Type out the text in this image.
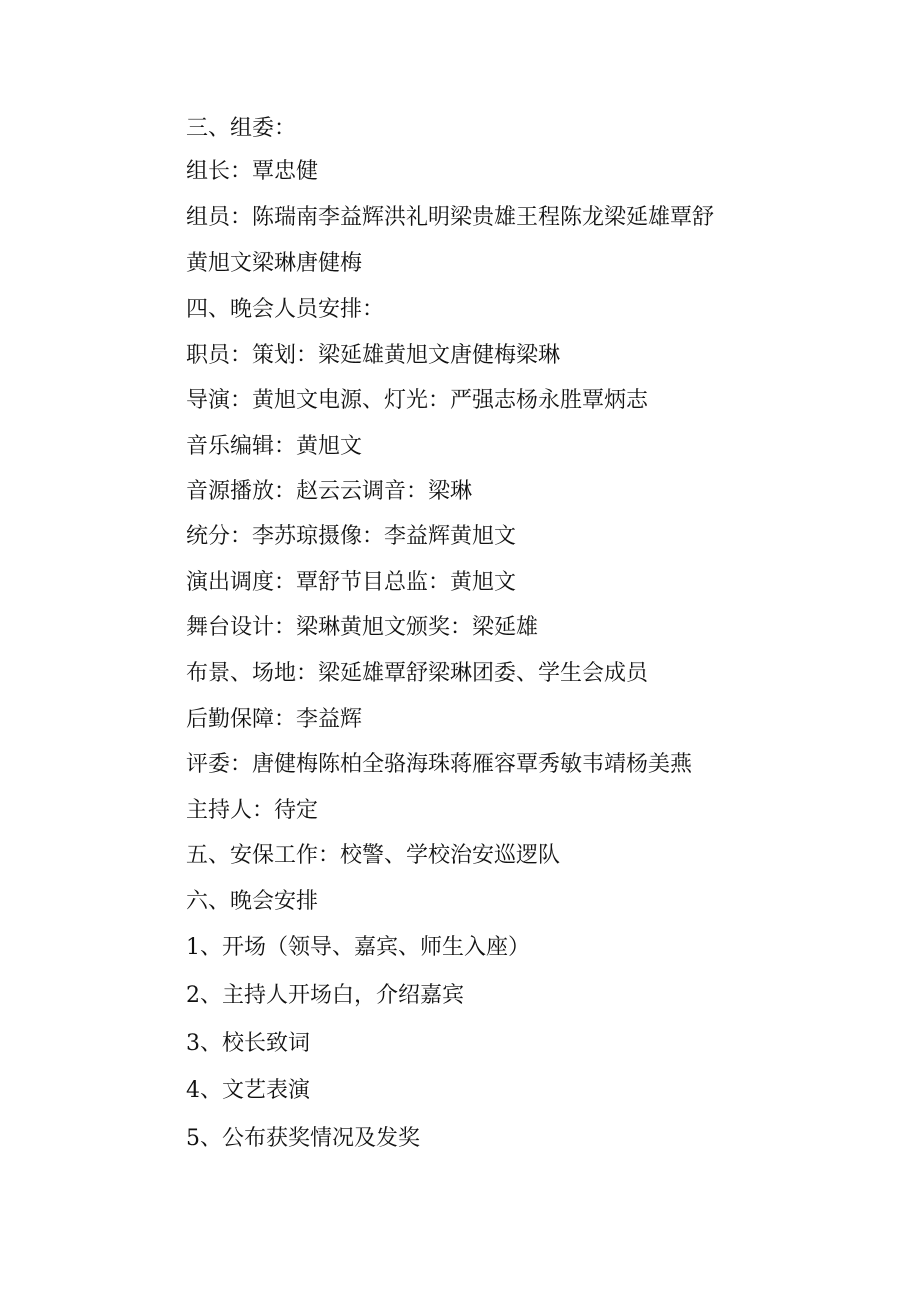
三、组委：
组长：覃忠健
组员：陈瑞南李益辉洪礼明梁贵雄王程陈龙梁延雄覃舒
黄旭文梁琳唐健梅
四、晚会人员安排：
职员：策划：梁延雄黄旭文唐健梅梁琳
导演：黄旭文电源、灯光：严强志杨永胜覃炳志
音乐编辑：黄旭文
音源播放：赵云云调音：梁琳
统分：李苏琼摄像：李益辉黄旭文
演出调度：覃舒节目总监：黄旭文
舞台设计：梁琳黄旭文颁奖：梁延雄
布景、场地：梁延雄覃舒梁琳团委、学生会成员
后勤保障：李益辉
评委：唐健梅陈柏全骆海珠蒋雁容覃秀敏韦靖杨美燕
主持人：待定
五、安保工作：校警、学校治安巡逻队
六、晚会安排
1、开场（领导、嘉宾、师生入座）
2、主持人开场白，介绍嘉宾
3、校长致词
4、文艺表演
5、公布获奖情况及发奖
